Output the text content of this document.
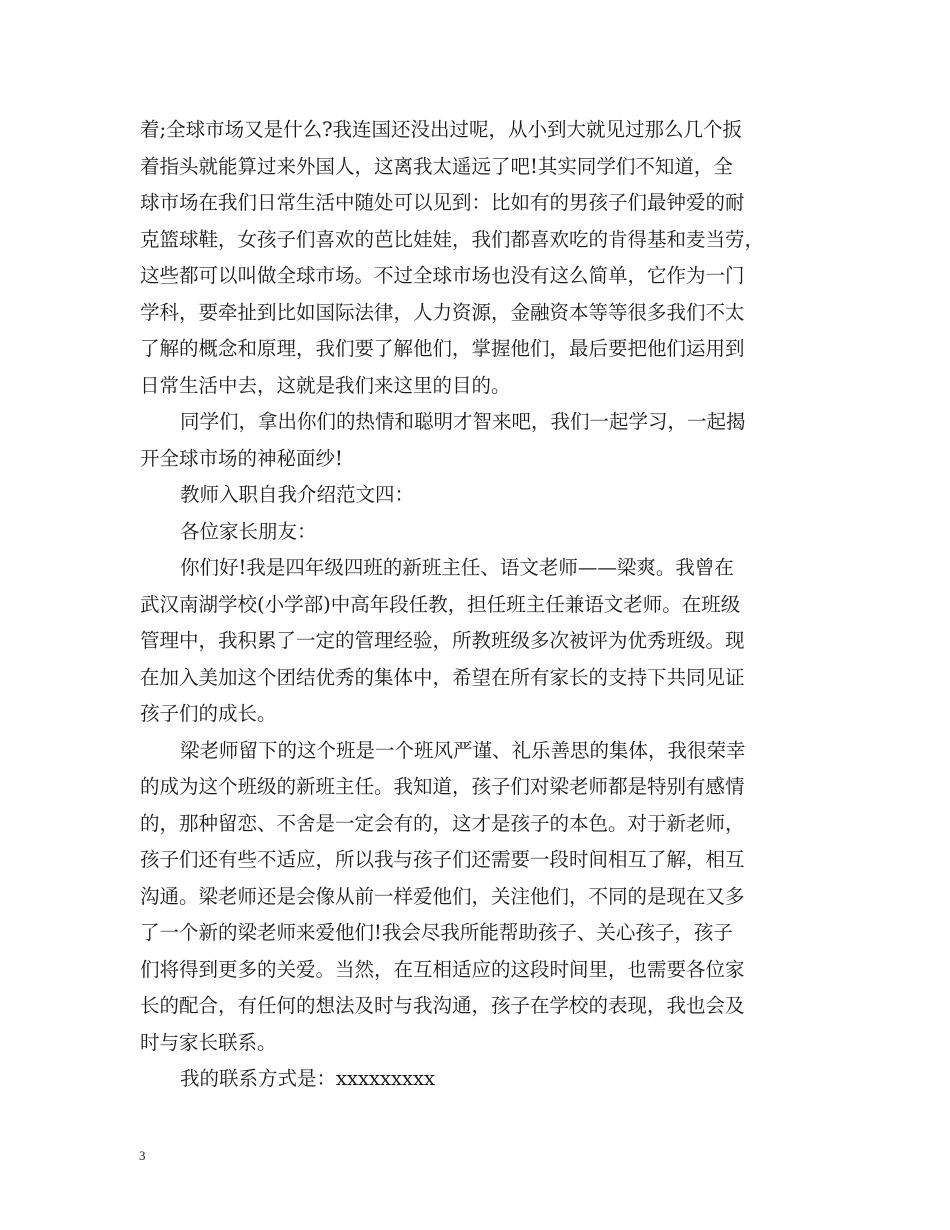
着;全球市场又是什么?我连国还没出过呢，从小到大就见过那么几个扳
着指头就能算过来外国人，这离我太遥远了吧!其实同学们不知道，全
球市场在我们日常生活中随处可以见到：比如有的男孩子们最钟爱的耐
克篮球鞋，女孩子们喜欢的芭比娃娃，我们都喜欢吃的肯得基和麦当劳，
这些都可以叫做全球市场。不过全球市场也没有这么简单，它作为一门
学科，要牵扯到比如国际法律，人力资源，金融资本等等很多我们不太
了解的概念和原理，我们要了解他们，掌握他们，最后要把他们运用到
日常生活中去，这就是我们来这里的目的。
同学们，拿出你们的热情和聪明才智来吧，我们一起学习，一起揭
开全球市场的神秘面纱!
教师入职自我介绍范文四：
各位家长朋友：
你们好!我是四年级四班的新班主任、语文老师——梁爽。我曾在
武汉南湖学校(小学部)中高年段任教，担任班主任兼语文老师。在班级
管理中，我积累了一定的管理经验，所教班级多次被评为优秀班级。现
在加入美加这个团结优秀的集体中，希望在所有家长的支持下共同见证
孩子们的成长。
梁老师留下的这个班是一个班风严谨、礼乐善思的集体，我很荣幸
的成为这个班级的新班主任。我知道，孩子们对梁老师都是特别有感情
的，那种留恋、不舍是一定会有的，这才是孩子的本色。对于新老师，
孩子们还有些不适应，所以我与孩子们还需要一段时间相互了解，相互
沟通。梁老师还是会像从前一样爱他们，关注他们，不同的是现在又多
了一个新的梁老师来爱他们!我会尽我所能帮助孩子、关心孩子，孩子
们将得到更多的关爱。当然，在互相适应的这段时间里，也需要各位家
长的配合，有任何的想法及时与我沟通，孩子在学校的表现，我也会及
时与家长联系。
我的联系方式是：xxxxxxxxx
3
